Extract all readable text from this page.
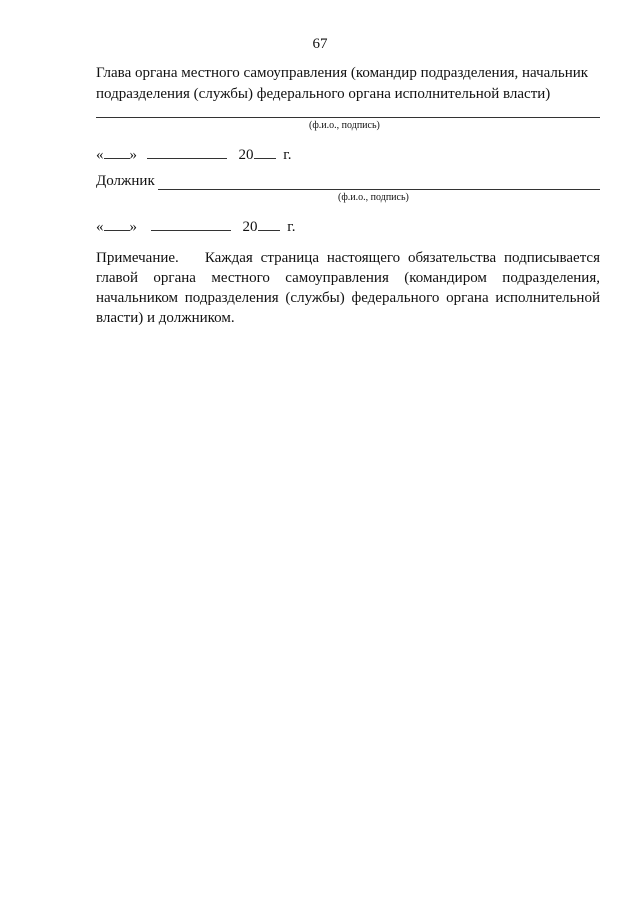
67
Глава органа местного самоуправления (командир подразделения, начальник подразделения (службы) федерального органа исполнительной власти)
(ф.и.о., подпись)
« »	20 г.
Должник
(ф.и.о., подпись)
« »	20 г.
Примечание. Каждая страница настоящего обязательства подписывается главой органа местного самоуправления (командиром подразделения, начальником подразделения (службы) федерального органа исполнительной власти) и должником.
